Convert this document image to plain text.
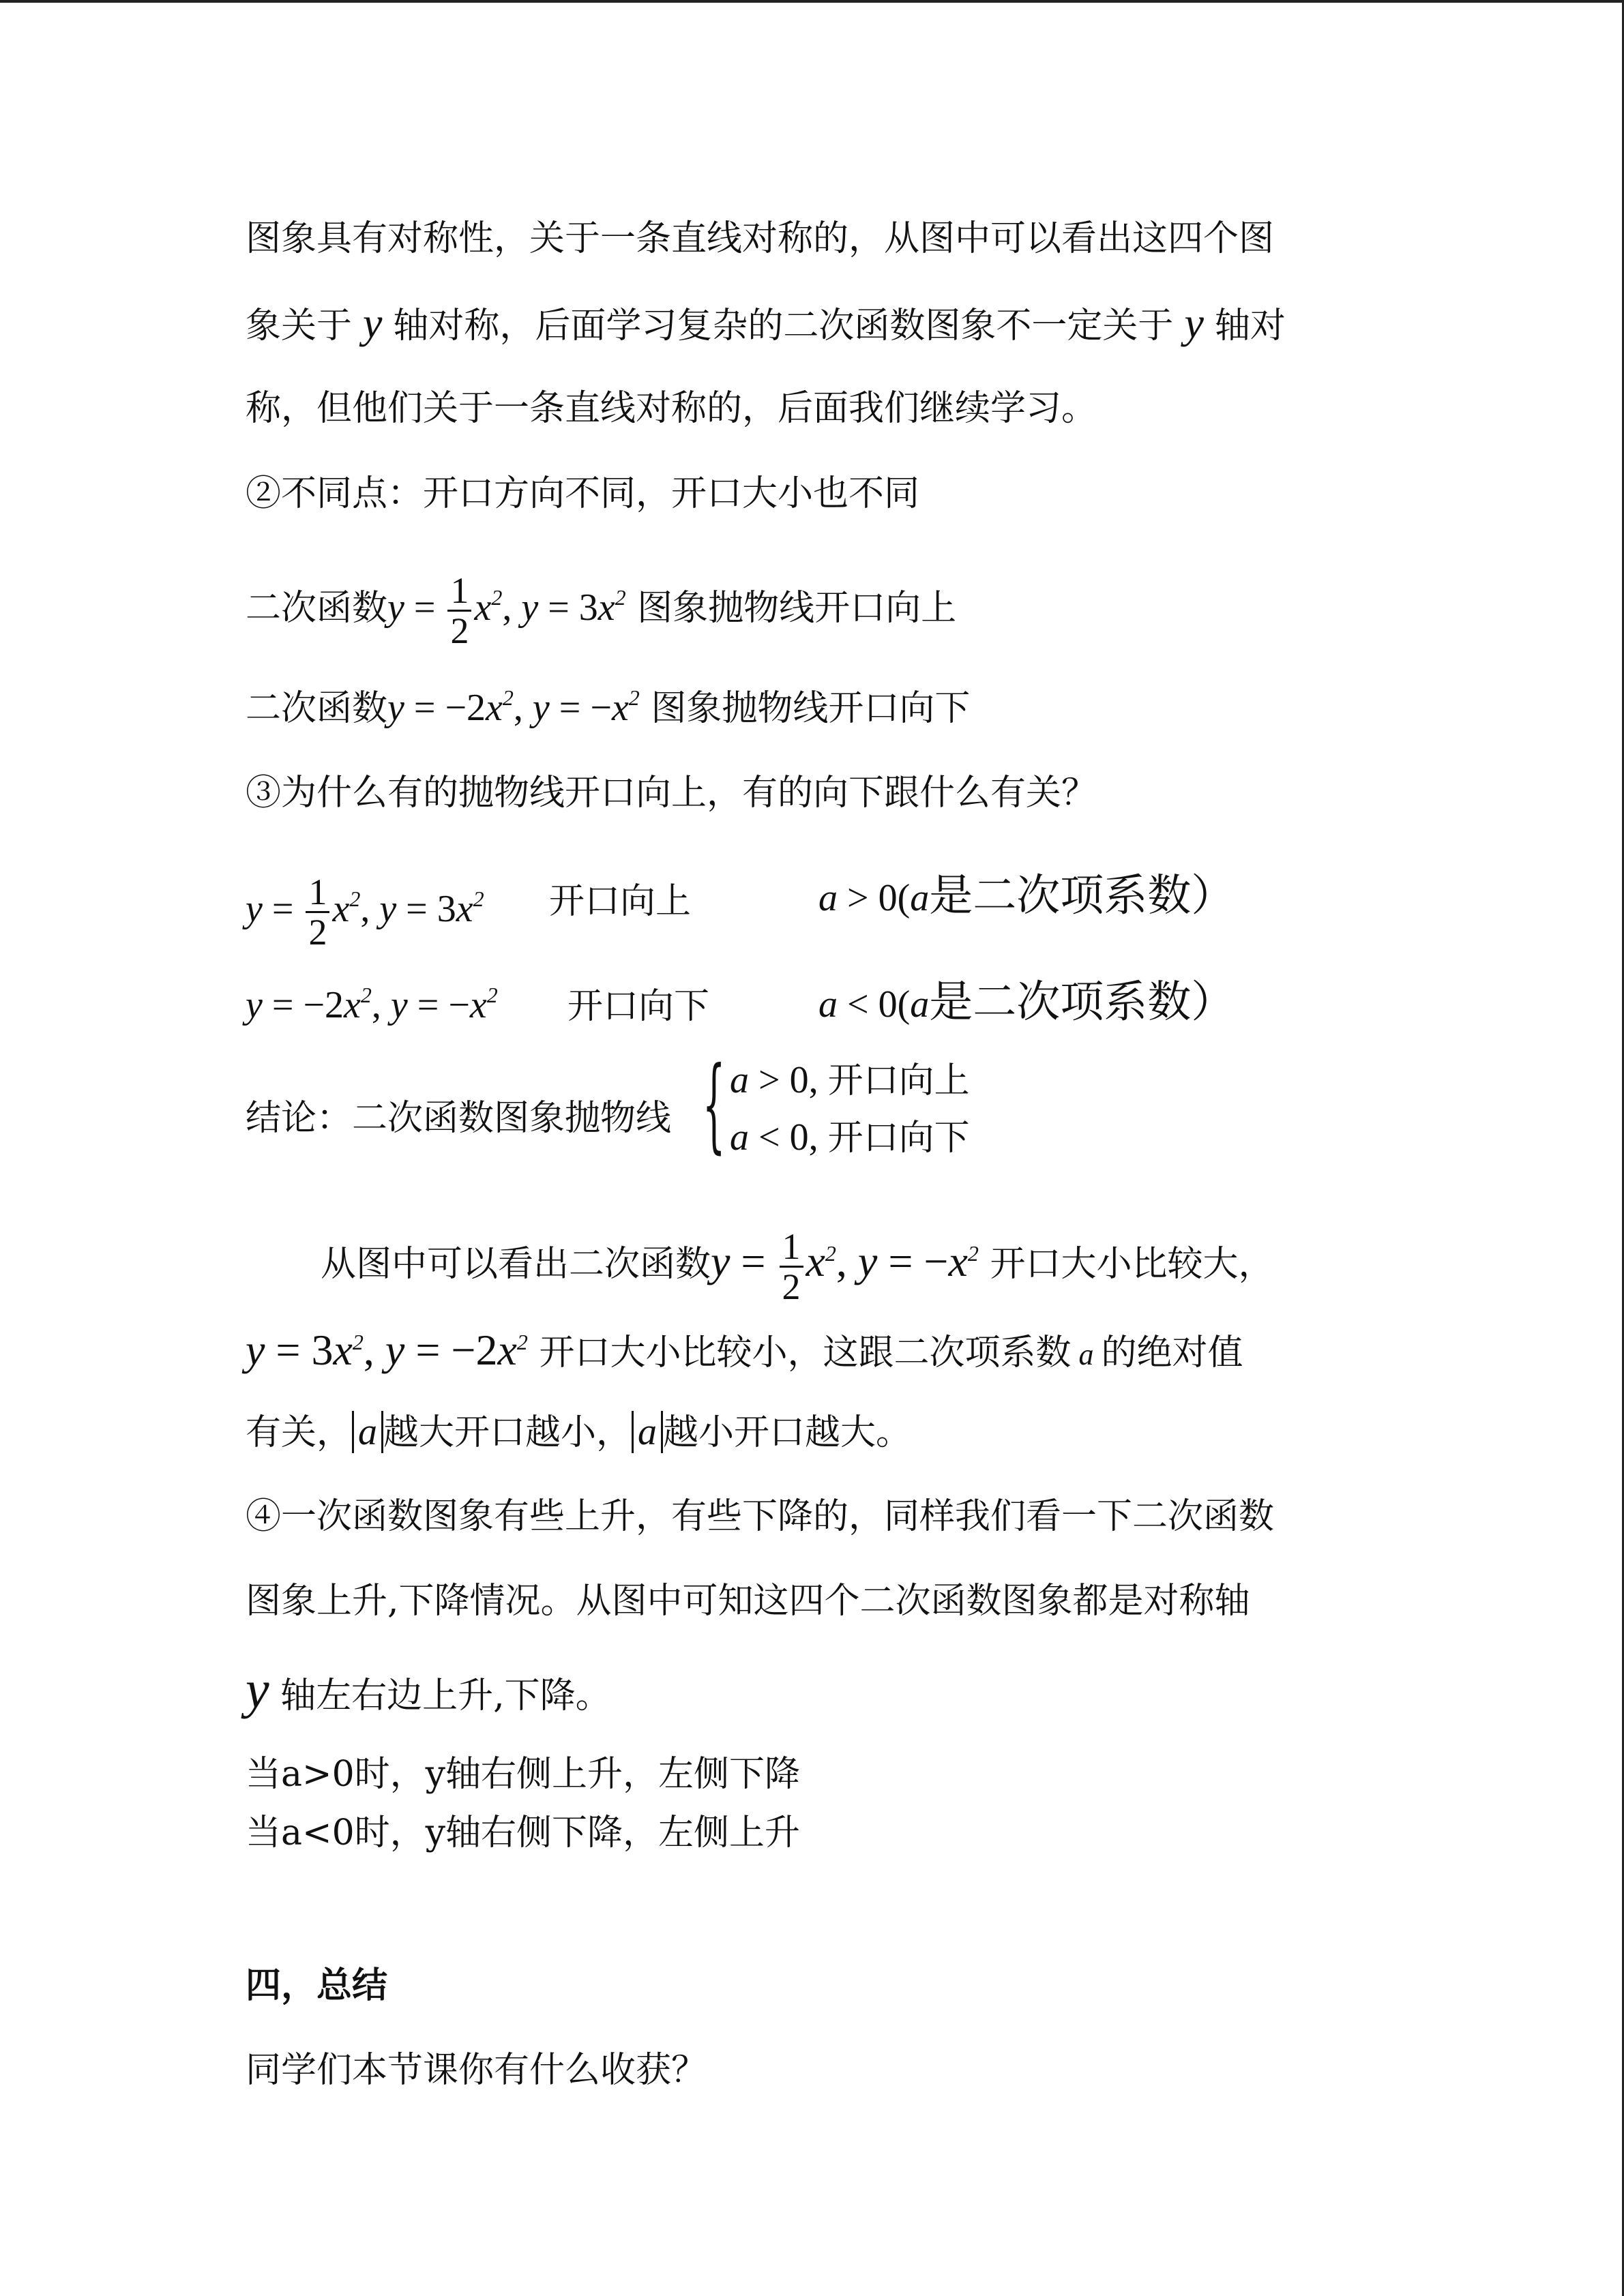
图象具有对称性，关于一条直线对称的，从图中可以看出这四个图
象关于 y 轴对称，后面学习复杂的二次函数图象不一定关于 y 轴对
称，但他们关于一条直线对称的，后面我们继续学习。
②不同点：开口方向不同，开口大小也不同
二次函数$y = \frac{1}{2} x^2$, $y = 3x^2$ 图象抛物线开口向上
二次函数$y = -2x^2$, $y = -x^2$ 图象抛物线开口向下
③为什么有的抛物线开口向上，有的向下跟什么有关？
$y = \frac{1}{2} x^2$, $y = 3x^2$ 开口向上	a > 0(a是二次项系数）
$y = -2x^2$, $y = -x^2$ 开口向下	a < 0(a是二次项系数）
结论：二次函数图象抛物线 { a > 0, 开口向上
a < 0, 开口向下
从图中可以看出二次函数$y = \frac{1}{2} x^2$, $y = -x^2$ 开口大小比较大，
$y = 3x^2$, $y = -2x^2$ 开口大小比较小，这跟二次项系数 a 的绝对值
有关， a 越大开口越小， a 越小开口越大。
④一次函数图象有些上升，有些下降的，同样我们看一下二次函数
图象上升,下降情况。从图中可知这四个二次函数图象都是对称轴
y 轴左右边上升,下降。
当a>0时，y轴右侧上升，左侧下降
当a<0时，y轴右侧下降，左侧上升
四，总结
同学们本节课你有什么收获？
